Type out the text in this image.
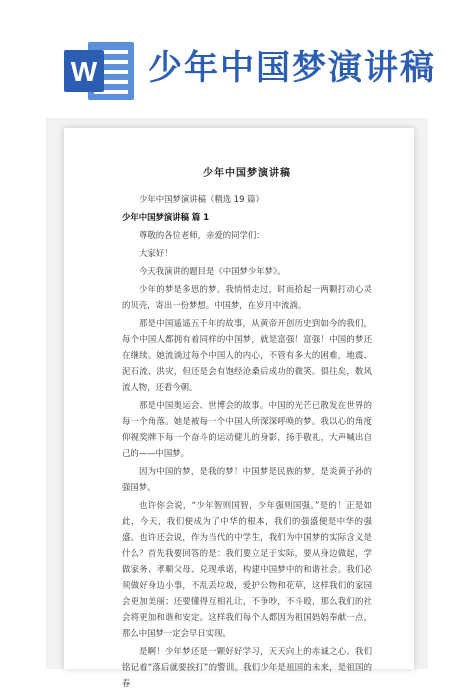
W 少年中国梦演讲稿
少年中国梦演讲稿

少年中国梦演讲稿（精选 19 篇）

少年中国梦演讲稿 篇 1

尊敬的各位老师，亲爱的同学们：

大家好！

今天我演讲的题目是《中国梦少年梦》。

少年的梦是多思的梦。我悄悄走过，时而拾起一两颗打动心灵的贝壳，寄出一份梦想。中国梦，在岁月中流淌。

那是中国遥遥五千年的故事，从黄帝开创历史到如今的我们，每个中国人都拥有着同样的中国梦，就是富强！富强！中国的梦还在继续。她流淌过每个中国人的内心，不管有多大的困难，地震、泥石流、洪灾，但还是会有饱经沧桑后成功的微笑。俱往矣，数风流人物，还看今朝。

那是中国奥运会、世博会的故事。中国的光芒已散发在世界的每一个角落。她是被每一个中国人所深深呼唤的梦。我以心的角度仰视奖牌下每一个奋斗的运动健儿的身影，扬手敬礼，大声喊出自己的——中国梦。

因为中国的梦，是我的梦！中国梦是民族的梦，是炎黄子孙的强国梦。

也许你会说，“少年智则国智，少年强则国强。”是的！正是如此，今天，我们便成为了中华的根本，我们的强盛便是中华的强盛。也许还会说，作为当代的中学生，我们为中国梦的实际含义是什么？首先我要回答的是：我们要立足于实际，要从身边做起，学做家务、孝顺父母、兑现承诺，构建中国梦中的和谐社会。我们必须做好身边小事，不乱丢垃圾，爱护公物和花草，这样我们的家园会更加美丽；还要懂得互相礼让，不争吵，不斗殴，那么我们的社会将更加和谐和安定。这样我们每个人都因为祖国妈妈奉献一点，那么中国梦一定会早日实现。

是啊！少年梦还是一颗好好学习，天天向上的赤诚之心。我们铭记着“落后就要挨打”的警训。我们少年是祖国的未来，是祖国的春
